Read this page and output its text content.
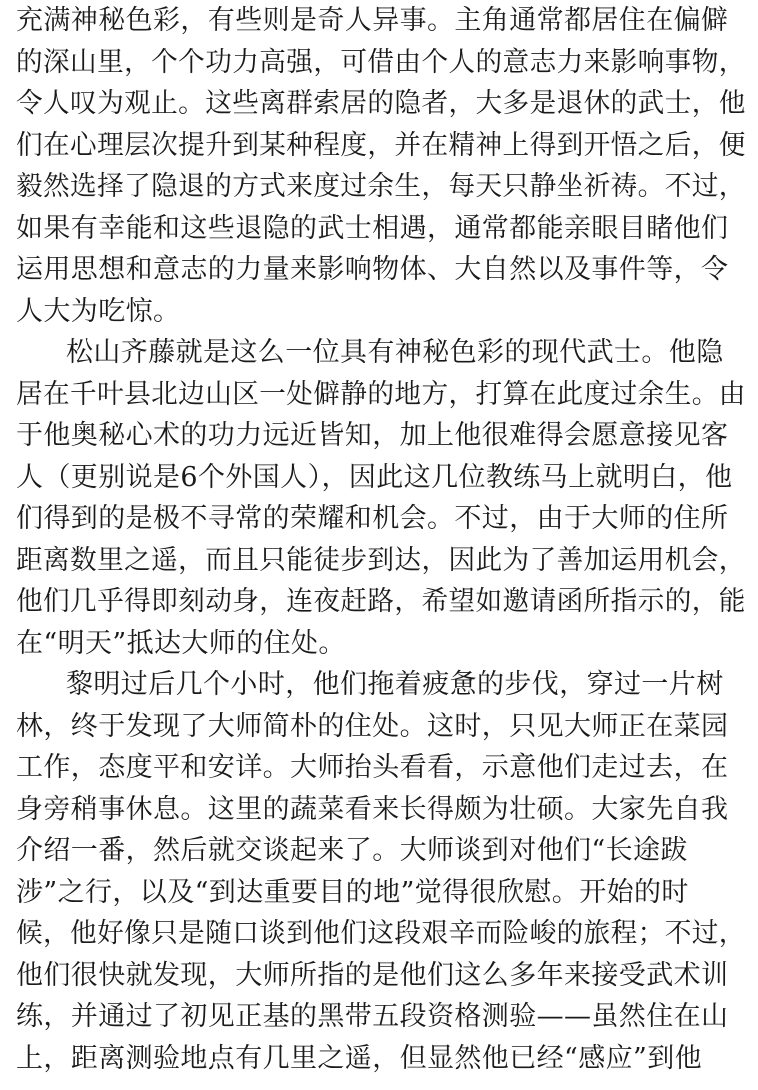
充满神秘色彩，有些则是奇人异事。主角通常都居住在偏僻

的深山里，个个功力高强，可借由个人的意志力来影响事物，

令人叹为观止。这些离群索居的隐者，大多是退休的武士，他

们在心理层次提升到某种程度，并在精神上得到开悟之后，便

毅然选择了隐退的方式来度过余生，每天只静坐祈祷。不过，

如果有幸能和这些退隐的武士相遇，通常都能亲眼目睹他们

运用思想和意志的力量来影响物体、大自然以及事件等，令

人大为吃惊。

松山齐藤就是这么一位具有神秘色彩的现代武士。他隐

居在千叶县北边山区一处僻静的地方，打算在此度过余生。由

于他奥秘心术的功力远近皆知，加上他很难得会愿意接见客

人（更别说是6个外国人），因此这几位教练马上就明白，他

们得到的是极不寻常的荣耀和机会。不过，由于大师的住所

距离数里之遥，而且只能徒步到达，因此为了善加运用机会，

他们几乎得即刻动身，连夜赶路，希望如邀请函所指示的，能

在“明天”抵达大师的住处。

黎明过后几个小时，他们拖着疲惫的步伐，穿过一片树

林，终于发现了大师简朴的住处。这时，只见大师正在菜园

工作，态度平和安详。大师抬头看看，示意他们走过去，在

身旁稍事休息。这里的蔬菜看来长得颇为壮硕。大家先自我

介绍一番，然后就交谈起来了。大师谈到对他们“长途跋

涉”之行，以及“到达重要目的地”觉得很欣慰。开始的时

候，他好像只是随口谈到他们这段艰辛而险峻的旅程；不过，

他们很快就发现，大师所指的是他们这么多年来接受武术训

练，并通过了初见正基的黑带五段资格测验——虽然住在山

上，距离测验地点有几里之遥，但显然他已经“感应”到他
